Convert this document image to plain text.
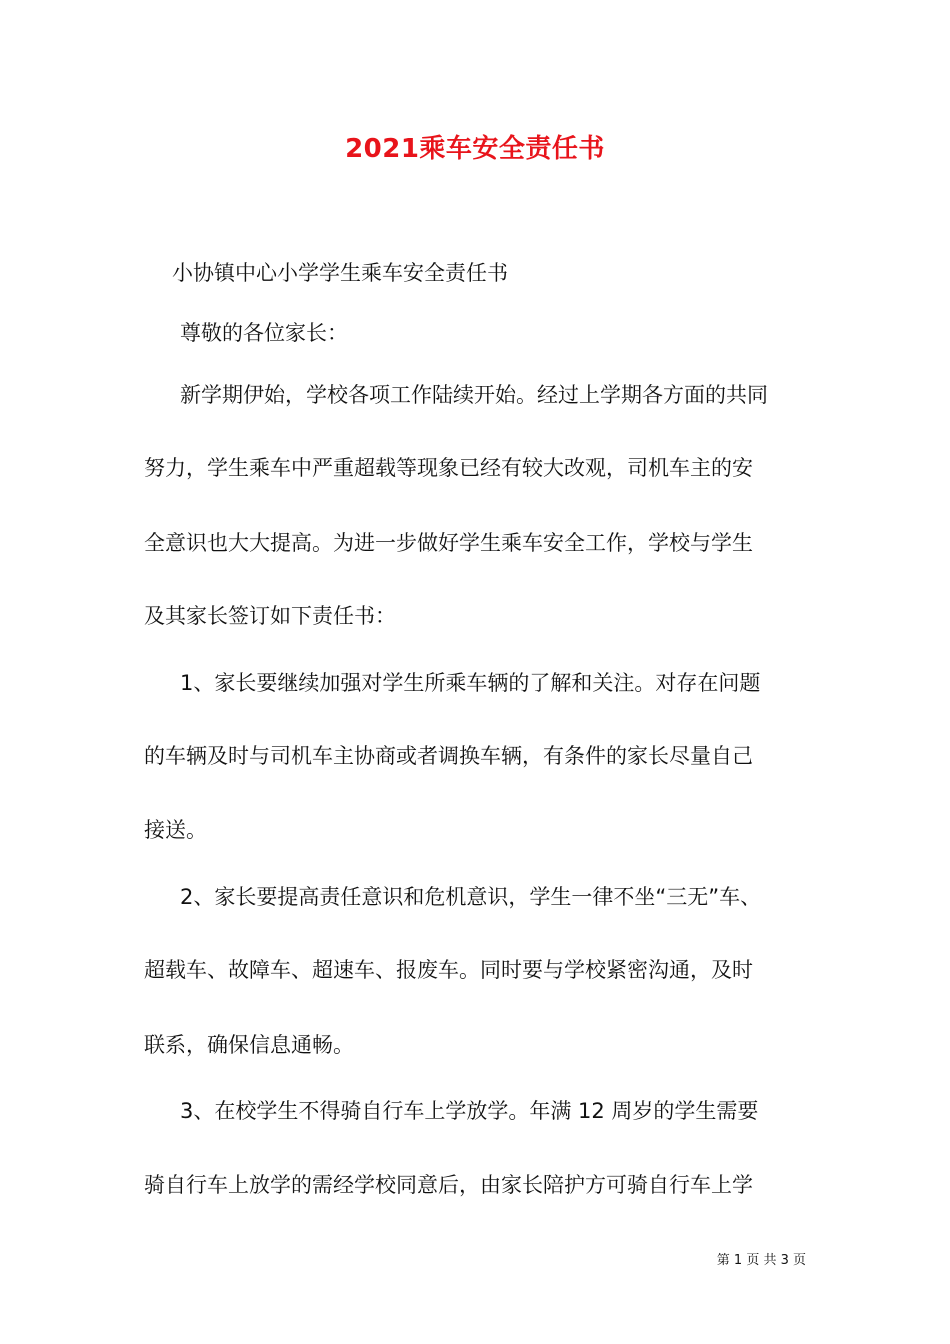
2021乘车安全责任书
小协镇中心小学学生乘车安全责任书
尊敬的各位家长：
新学期伊始，学校各项工作陆续开始。经过上学期各方面的共同
努力，学生乘车中严重超载等现象已经有较大改观，司机车主的安
全意识也大大提高。为进一步做好学生乘车安全工作，学校与学生
及其家长签订如下责任书：
1、家长要继续加强对学生所乘车辆的了解和关注。对存在问题
的车辆及时与司机车主协商或者调换车辆，有条件的家长尽量自己
接送。
2、家长要提高责任意识和危机意识，学生一律不坐“三无”车、
超载车、故障车、超速车、报废车。同时要与学校紧密沟通，及时
联系，确保信息通畅。
3、在校学生不得骑自行车上学放学。年满 12 周岁的学生需要
骑自行车上放学的需经学校同意后，由家长陪护方可骑自行车上学
第 1 页 共 3 页
